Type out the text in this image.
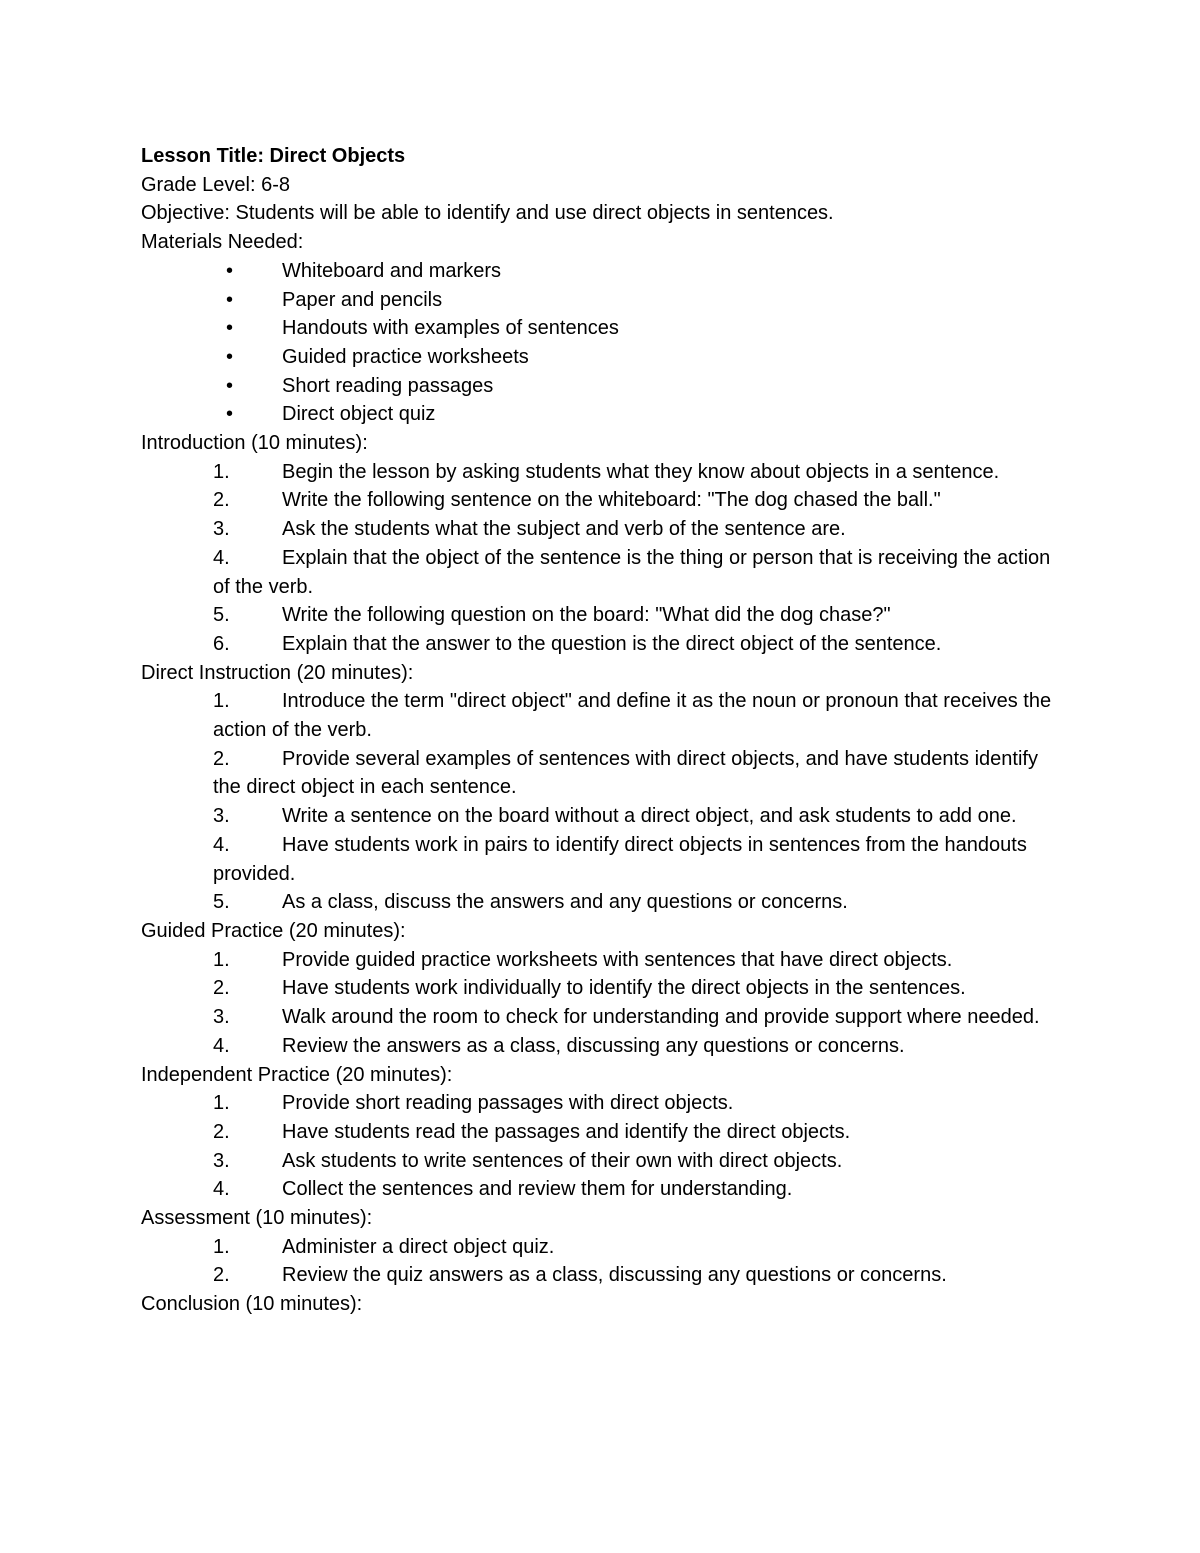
Lesson Title: Direct Objects
Grade Level: 6-8
Objective: Students will be able to identify and use direct objects in sentences.
Materials Needed:
•	Whiteboard and markers
•	Paper and pencils
•	Handouts with examples of sentences
•	Guided practice worksheets
•	Short reading passages
•	Direct object quiz
Introduction (10 minutes):
1.	Begin the lesson by asking students what they know about objects in a sentence.
2.	Write the following sentence on the whiteboard: "The dog chased the ball."
3.	Ask the students what the subject and verb of the sentence are.
4.	Explain that the object of the sentence is the thing or person that is receiving the action of the verb.
5.	Write the following question on the board: "What did the dog chase?"
6.	Explain that the answer to the question is the direct object of the sentence.
Direct Instruction (20 minutes):
1.	Introduce the term "direct object" and define it as the noun or pronoun that receives the action of the verb.
2.	Provide several examples of sentences with direct objects, and have students identify the direct object in each sentence.
3.	Write a sentence on the board without a direct object, and ask students to add one.
4.	Have students work in pairs to identify direct objects in sentences from the handouts provided.
5.	As a class, discuss the answers and any questions or concerns.
Guided Practice (20 minutes):
1.	Provide guided practice worksheets with sentences that have direct objects.
2.	Have students work individually to identify the direct objects in the sentences.
3.	Walk around the room to check for understanding and provide support where needed.
4.	Review the answers as a class, discussing any questions or concerns.
Independent Practice (20 minutes):
1.	Provide short reading passages with direct objects.
2.	Have students read the passages and identify the direct objects.
3.	Ask students to write sentences of their own with direct objects.
4.	Collect the sentences and review them for understanding.
Assessment (10 minutes):
1.	Administer a direct object quiz.
2.	Review the quiz answers as a class, discussing any questions or concerns.
Conclusion (10 minutes):
